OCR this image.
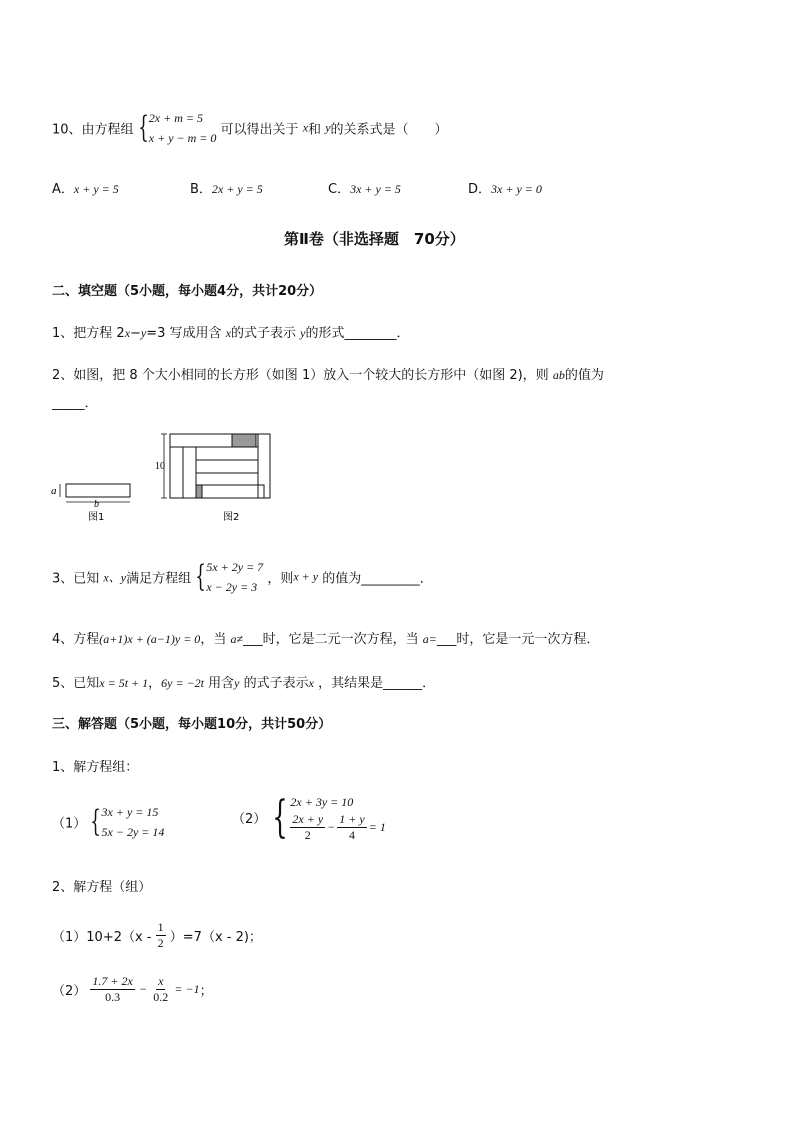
10、由方程组 { 2x + m = 5
x + y − m = 0
可以得出关于 x和 y的关系式是（　　）
A．x + y = 5	B．2x + y = 5	C．3x + y = 5	D．3x + y = 0
第Ⅱ卷（非选择题　70分）
二、填空题（5小题，每小题4分，共计20分）
1、把方程 2x−y=3 写成用含 x的式子表示 y的形式________．
2、如图，把 8 个大小相同的长方形（如图 1）放入一个较大的长方形中（如图 2)，则 ab的值为
_____．
a
b
图1
10
图2
3、已知 x、y满足方程组 { 5x + 2y = 7
x − 2y = 3
，则x + y 的值为_________．
4、方程(a+1)x + (a−1)y = 0，当 a≠___时，它是二元一次方程，当 a=___时，它是一元一次方程．
5、已知x = 5t + 1，6y = −2t 用含y 的式子表示x ，其结果是______．
三、解答题（5小题，每小题10分，共计50分）
1、解方程组：
（1） { 3x + y = 15
5x − 2y = 14
（2） { 2x + 3y = 10
$\frac{2x + y}{2} - \frac{1 + y}{4} = 1$
2、解方程（组）
$(1)10+2(x - \frac{1}{2} )=7(x - 2)$；
$(2) \frac{1.7 + 2x}{0.3} - \frac{x}{0.2} = -1$；
